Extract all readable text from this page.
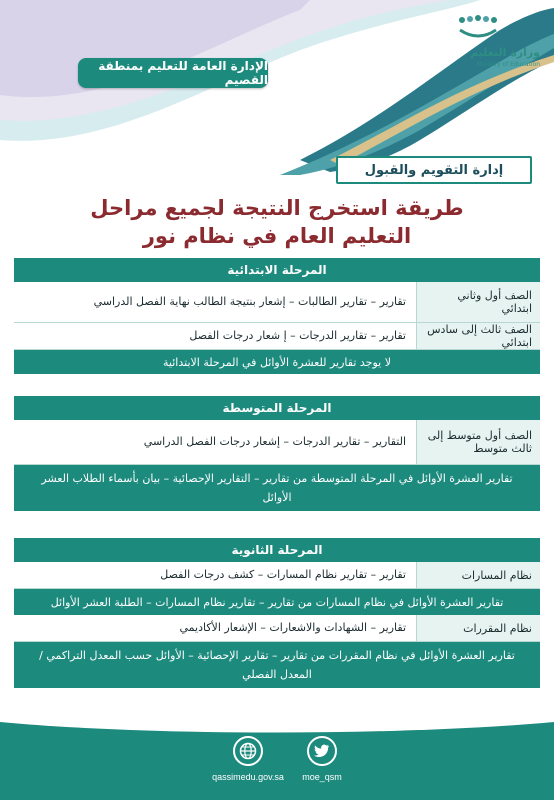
الإدارة العامة للتعليم بمنطقة القصيم
وزارة التعليم
Ministry of Education
إدارة التقويم والقبول
طريقة استخرج النتيجة لجميع مراحل
التعليم العام في نظام نور
المرحلة الابتدائية
الصف أول وثاني ابتدائي
تقارير – تقارير الطالبات – إشعار بنتيجة الطالب نهاية الفصل الدراسي
الصف ثالث إلى سادس ابتدائي
تقارير – تقارير الدرجات – إ شعار درجات الفصل
لا يوجد تقارير للعشرة الأوائل في المرحلة الابتدائية
المرحلة المتوسطة
الصف أول متوسط إلى ثالث متوسط
التقارير – تقارير الدرجات – إشعار درجات الفصل الدراسي
تقارير العشرة الأوائل في المرحلة المتوسطة من تقارير – التقارير الإحصائية – بيان بأسماء الطلاب العشر الأوائل
المرحلة الثانوية
نظام المسارات
تقارير – تقارير نظام المسارات – كشف درجات الفصل
تقارير العشرة الأوائل في نظام المسارات من تقارير – تقارير نظام المسارات – الطلبة العشر الأوائل
نظام المقررات
تقارير – الشهادات والاشعارات – الإشعار الأكاديمي
تقارير العشرة الأوائل في نظام المقررات من تقارير – تقارير الإحصائية – الأوائل حسب المعدل التراكمي / المعدل الفصلي
qassimedu.gov.sa	moe_qsm
